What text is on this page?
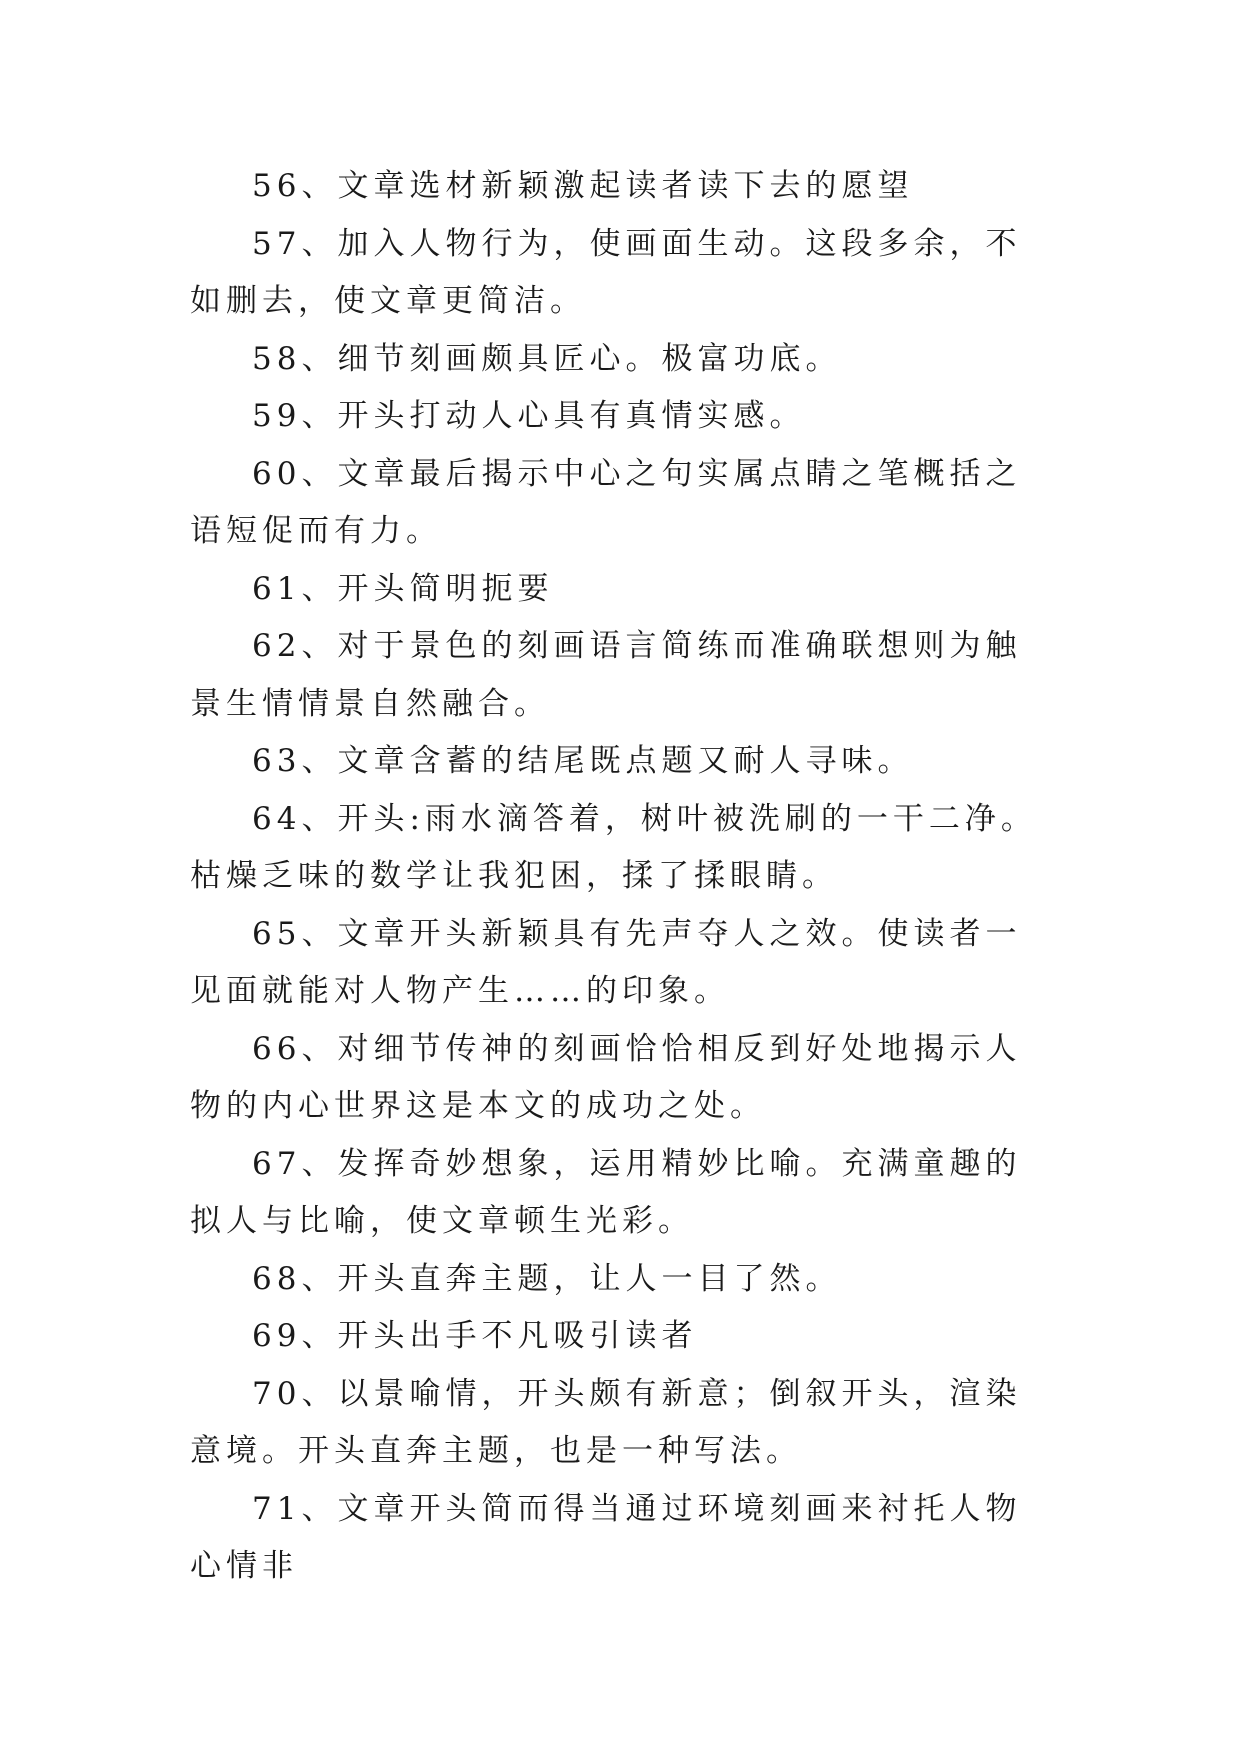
56、文章选材新颖激起读者读下去的愿望

57、加入人物行为，使画面生动。这段多余，不如删去，使文章更简洁。

58、细节刻画颇具匠心。极富功底。

59、开头打动人心具有真情实感。

60、文章最后揭示中心之句实属点睛之笔概括之语短促而有力。

61、开头简明扼要

62、对于景色的刻画语言简练而准确联想则为触景生情情景自然融合。

63、文章含蓄的结尾既点题又耐人寻味。

64、开头:雨水滴答着，树叶被洗刷的一干二净。枯燥乏味的数学让我犯困，揉了揉眼睛。

65、文章开头新颖具有先声夺人之效。使读者一见面就能对人物产生……的印象。

66、对细节传神的刻画恰恰相反到好处地揭示人物的内心世界这是本文的成功之处。

67、发挥奇妙想象，运用精妙比喻。充满童趣的拟人与比喻，使文章顿生光彩。

68、开头直奔主题，让人一目了然。

69、开头出手不凡吸引读者

70、以景喻情，开头颇有新意；倒叙开头，渲染意境。开头直奔主题，也是一种写法。

71、文章开头简而得当通过环境刻画来衬托人物心情非
